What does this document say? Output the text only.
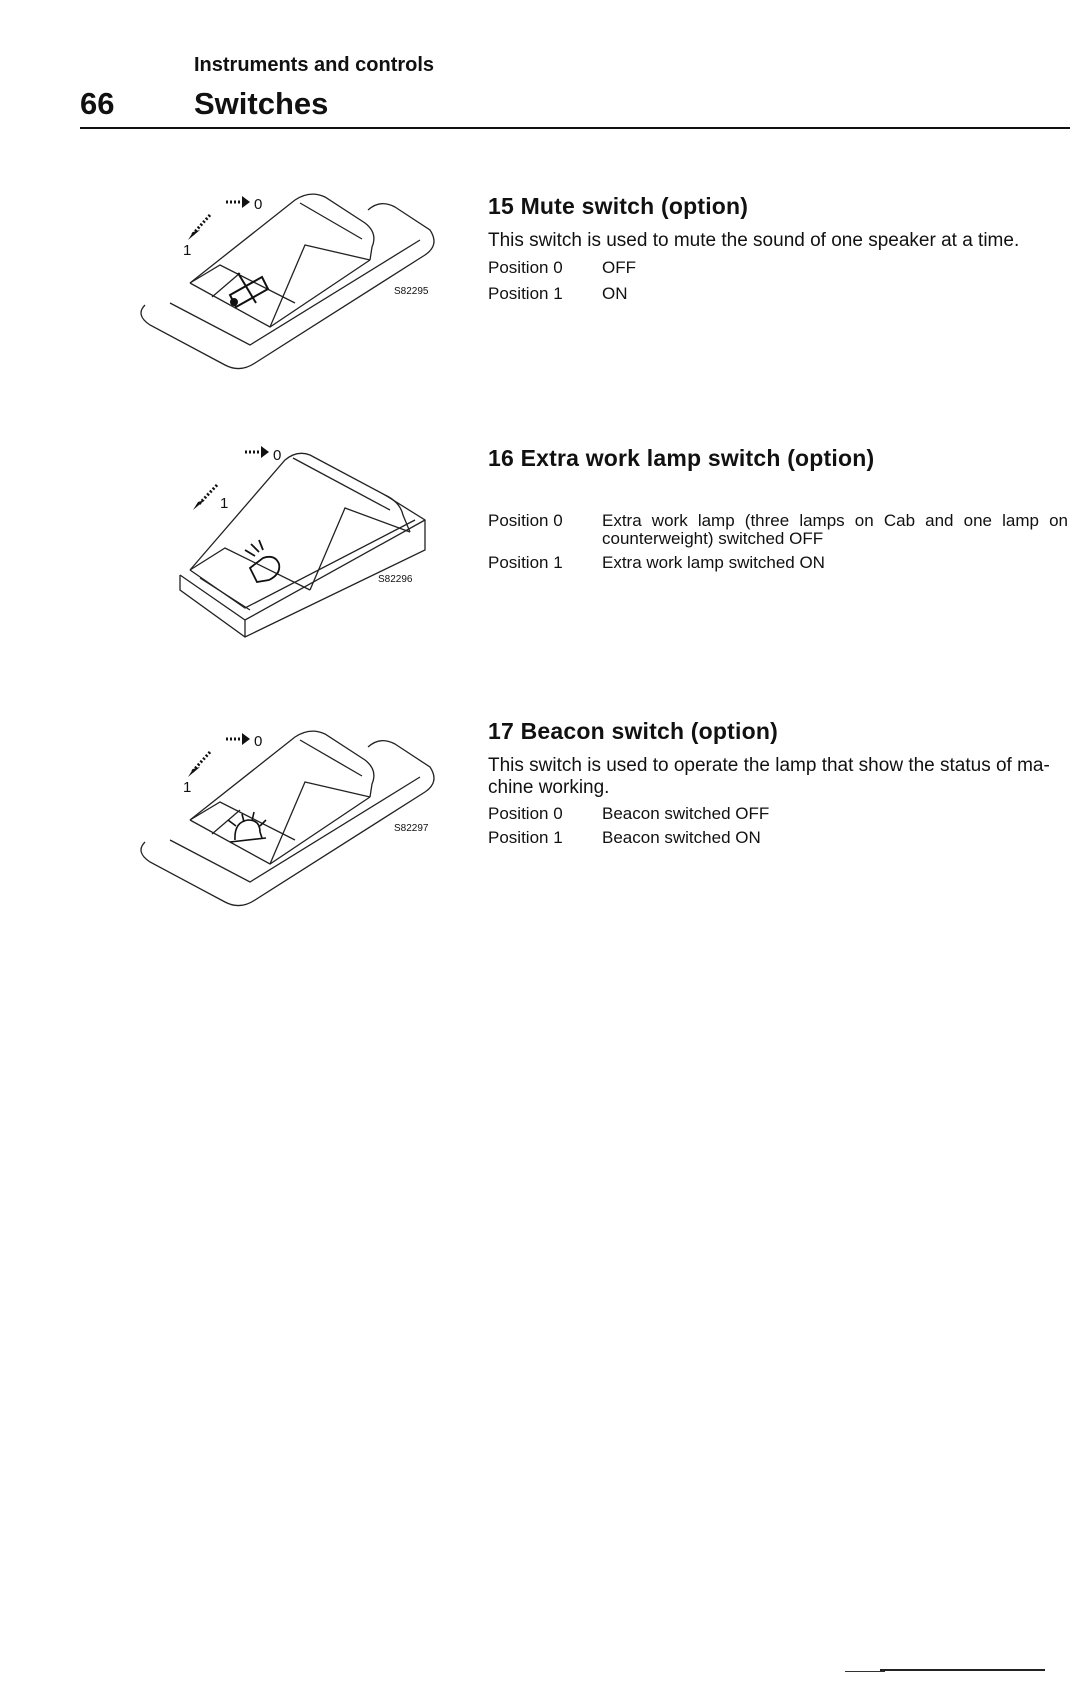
Instruments and controls
66	Switches
0
1
S82295
15 Mute switch (option)
This switch is used to mute the sound of one speaker at a time.
Position 0	OFF
Position 1	ON
0
1
S82296
16 Extra work lamp switch (option)
Position 0	Extra work lamp (three lamps on Cab and one lamp on counterweight) switched OFF
Position 1	Extra work lamp switched ON
0
1
S82297
17 Beacon switch (option)
This switch is used to operate the lamp that show the status of ma-chine working.
Position 0	Beacon switched OFF
Position 1	Beacon switched ON
